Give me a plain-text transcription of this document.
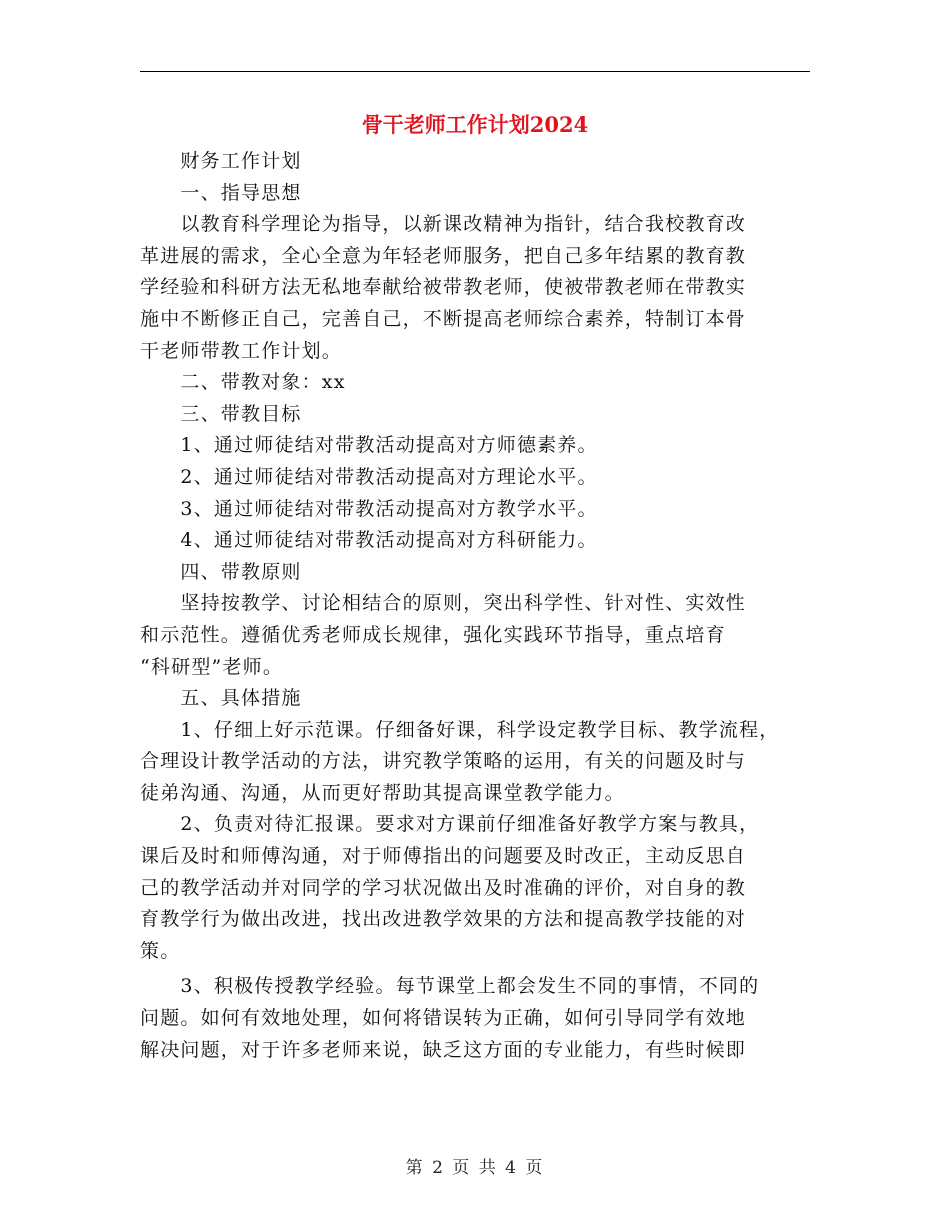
骨干老师工作计划2024

　　财务工作计划

　　一、指导思想

　　以教育科学理论为指导，以新课改精神为指针，结合我校教育改

革进展的需求，全心全意为年轻老师服务，把自己多年结累的教育教

学经验和科研方法无私地奉献给被带教老师，使被带教老师在带教实

施中不断修正自己，完善自己，不断提高老师综合素养，特制订本骨

干老师带教工作计划。

　　二、带教对象：xx

　　三、带教目标

　　1、通过师徒结对带教活动提高对方师德素养。

　　2、通过师徒结对带教活动提高对方理论水平。

　　3、通过师徒结对带教活动提高对方教学水平。

　　4、通过师徒结对带教活动提高对方科研能力。

　　四、带教原则

　　坚持按教学、讨论相结合的原则，突出科学性、针对性、实效性

和示范性。遵循优秀老师成长规律，强化实践环节指导，重点培育

“科研型”老师。

　　五、具体措施

　　1、仔细上好示范课。仔细备好课，科学设定教学目标、教学流程，

合理设计教学活动的方法，讲究教学策略的运用，有关的问题及时与

徒弟沟通、沟通，从而更好帮助其提高课堂教学能力。

　　2、负责对待汇报课。要求对方课前仔细准备好教学方案与教具，

课后及时和师傅沟通，对于师傅指出的问题要及时改正，主动反思自

己的教学活动并对同学的学习状况做出及时准确的评价，对自身的教

育教学行为做出改进，找出改进教学效果的方法和提高教学技能的对

策。

　　3、积极传授教学经验。每节课堂上都会发生不同的事情，不同的

问题。如何有效地处理，如何将错误转为正确，如何引导同学有效地

解决问题，对于许多老师来说，缺乏这方面的专业能力，有些时候即

第 2 页 共 4 页
